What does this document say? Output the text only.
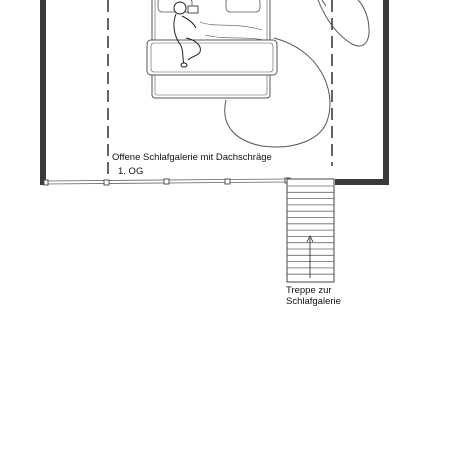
Offene Schlafgalerie mit Dachschräge
1. OG
Treppe zur
Schlafgalerie
